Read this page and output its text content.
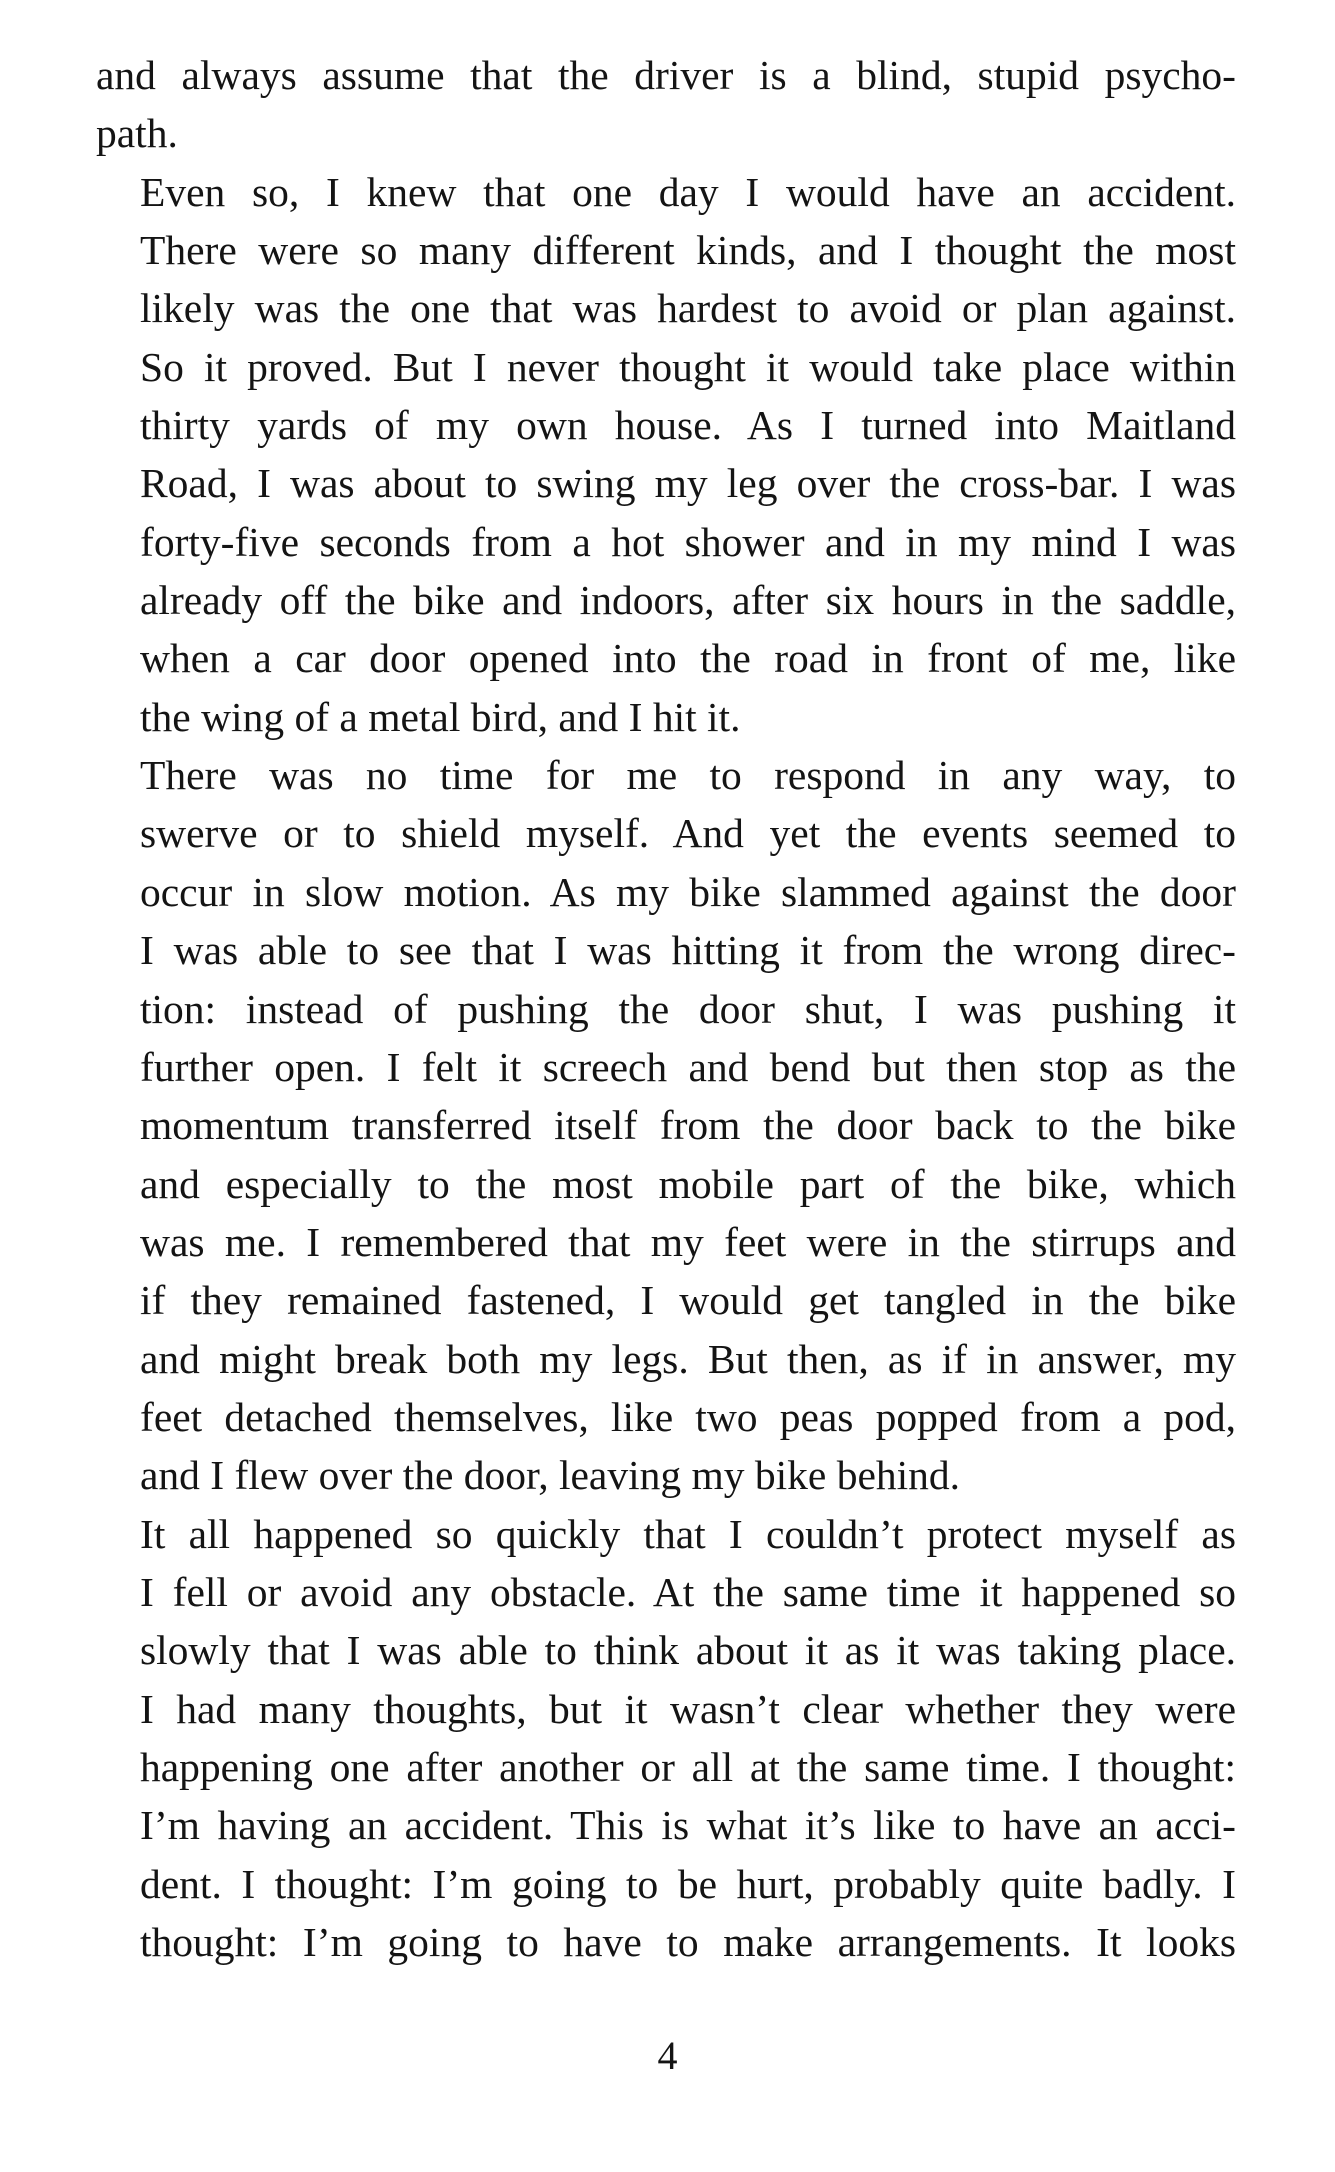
and always assume that the driver is a blind, stupid psycho-
path.
Even so, I knew that one day I would have an accident.
There were so many different kinds, and I thought the most
likely was the one that was hardest to avoid or plan against.
So it proved. But I never thought it would take place within
thirty yards of my own house. As I turned into Maitland
Road, I was about to swing my leg over the cross-bar. I was
forty-five seconds from a hot shower and in my mind I was
already off the bike and indoors, after six hours in the saddle,
when a car door opened into the road in front of me, like
the wing of a metal bird, and I hit it.
There was no time for me to respond in any way, to
swerve or to shield myself. And yet the events seemed to
occur in slow motion. As my bike slammed against the door
I was able to see that I was hitting it from the wrong direc-
tion: instead of pushing the door shut, I was pushing it
further open. I felt it screech and bend but then stop as the
momentum transferred itself from the door back to the bike
and especially to the most mobile part of the bike, which
was me. I remembered that my feet were in the stirrups and
if they remained fastened, I would get tangled in the bike
and might break both my legs. But then, as if in answer, my
feet detached themselves, like two peas popped from a pod,
and I flew over the door, leaving my bike behind.
It all happened so quickly that I couldn’t protect myself as
I fell or avoid any obstacle. At the same time it happened so
slowly that I was able to think about it as it was taking place.
I had many thoughts, but it wasn’t clear whether they were
happening one after another or all at the same time. I thought:
I’m having an accident. This is what it’s like to have an acci-
dent. I thought: I’m going to be hurt, probably quite badly. I
thought: I’m going to have to make arrangements. It looks
4
